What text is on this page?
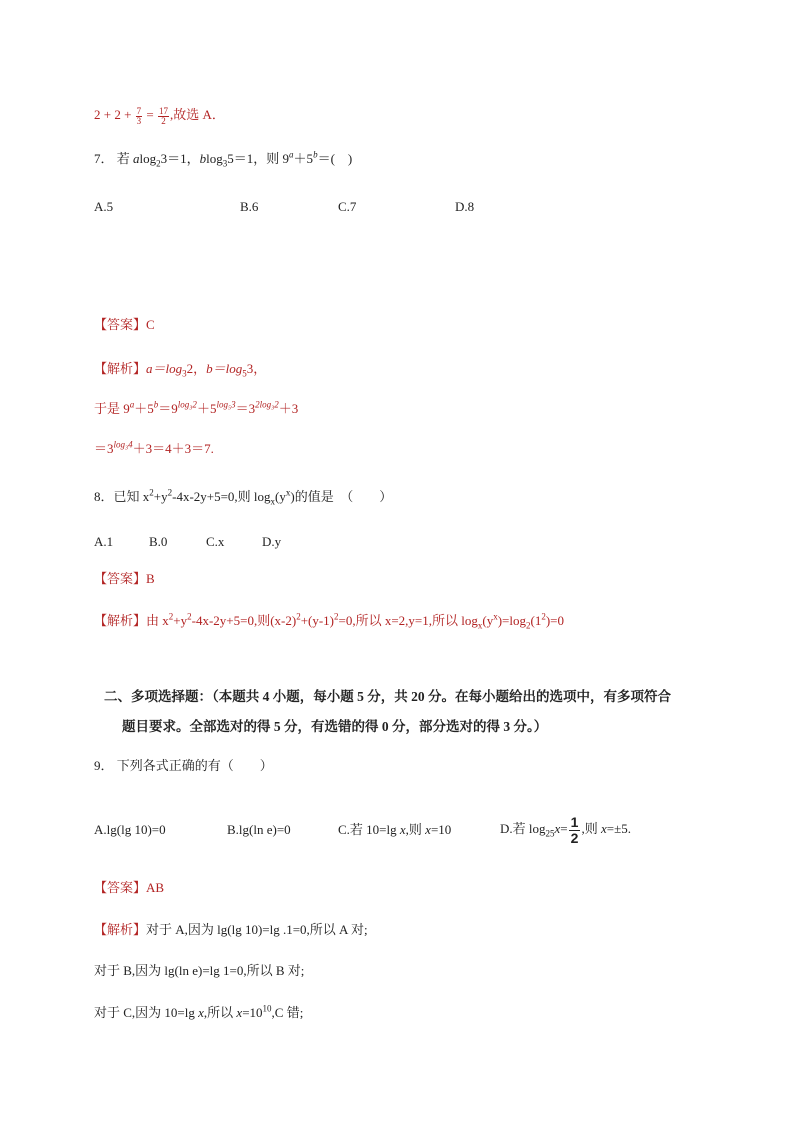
$2 + 2 + \frac{7}{3} = \frac{17}{2}$ ,故选 A．
7． 若 alog$_2$3＝1，blog$_3$5＝1，则 $9^a+5^b=$(　)
A.5	B.6	C.7	D.8
【答案】C
【解析】$a=\log_32$，$b=\log_53$，
于是 $9^a+5^b=9^{log_32}+5^{log_53}=3^{2log_32}+3$
$=3^{log_34}+3=4+3=7$.
8．已知 $x^2+y^2-4x-2y+5=0$,则 $\log_x(y^x)$的值是　（　　）
A.1	B.0	C.x	D.y
【答案】B
【解析】由 $x^2+y^2-4x-2y+5=0$,则$(x-2)^2+(y-1)^2=0$,所以 x=2,y=1,所以 $\log_x(y^x)=\log_2(1^2)=0$
二、多项选择题：（本题共 4 小题，每小题 5 分，共 20 分。在每小题给出的选项中，有多项符合
题目要求。全部选对的得 5 分，有选错的得 0 分，部分选对的得 3 分。）
9． 下列各式正确的有（　　）
A.lg(lg 10)=0	B.lg(ln e)=0	C.若 10=lg x,则 x=10	D.若 $\log_{25}x= \frac{1}{2}$ ,则 x=±5.
【答案】AB
【解析】对于 A,因为 lg(lg 10)=lg .1=0,所以 A 对;
对于 B,因为 lg(ln e)=lg 1=0,所以 B 对;
对于 C,因为 10=lg x,所以 $x=10^{10},C$ 错;
